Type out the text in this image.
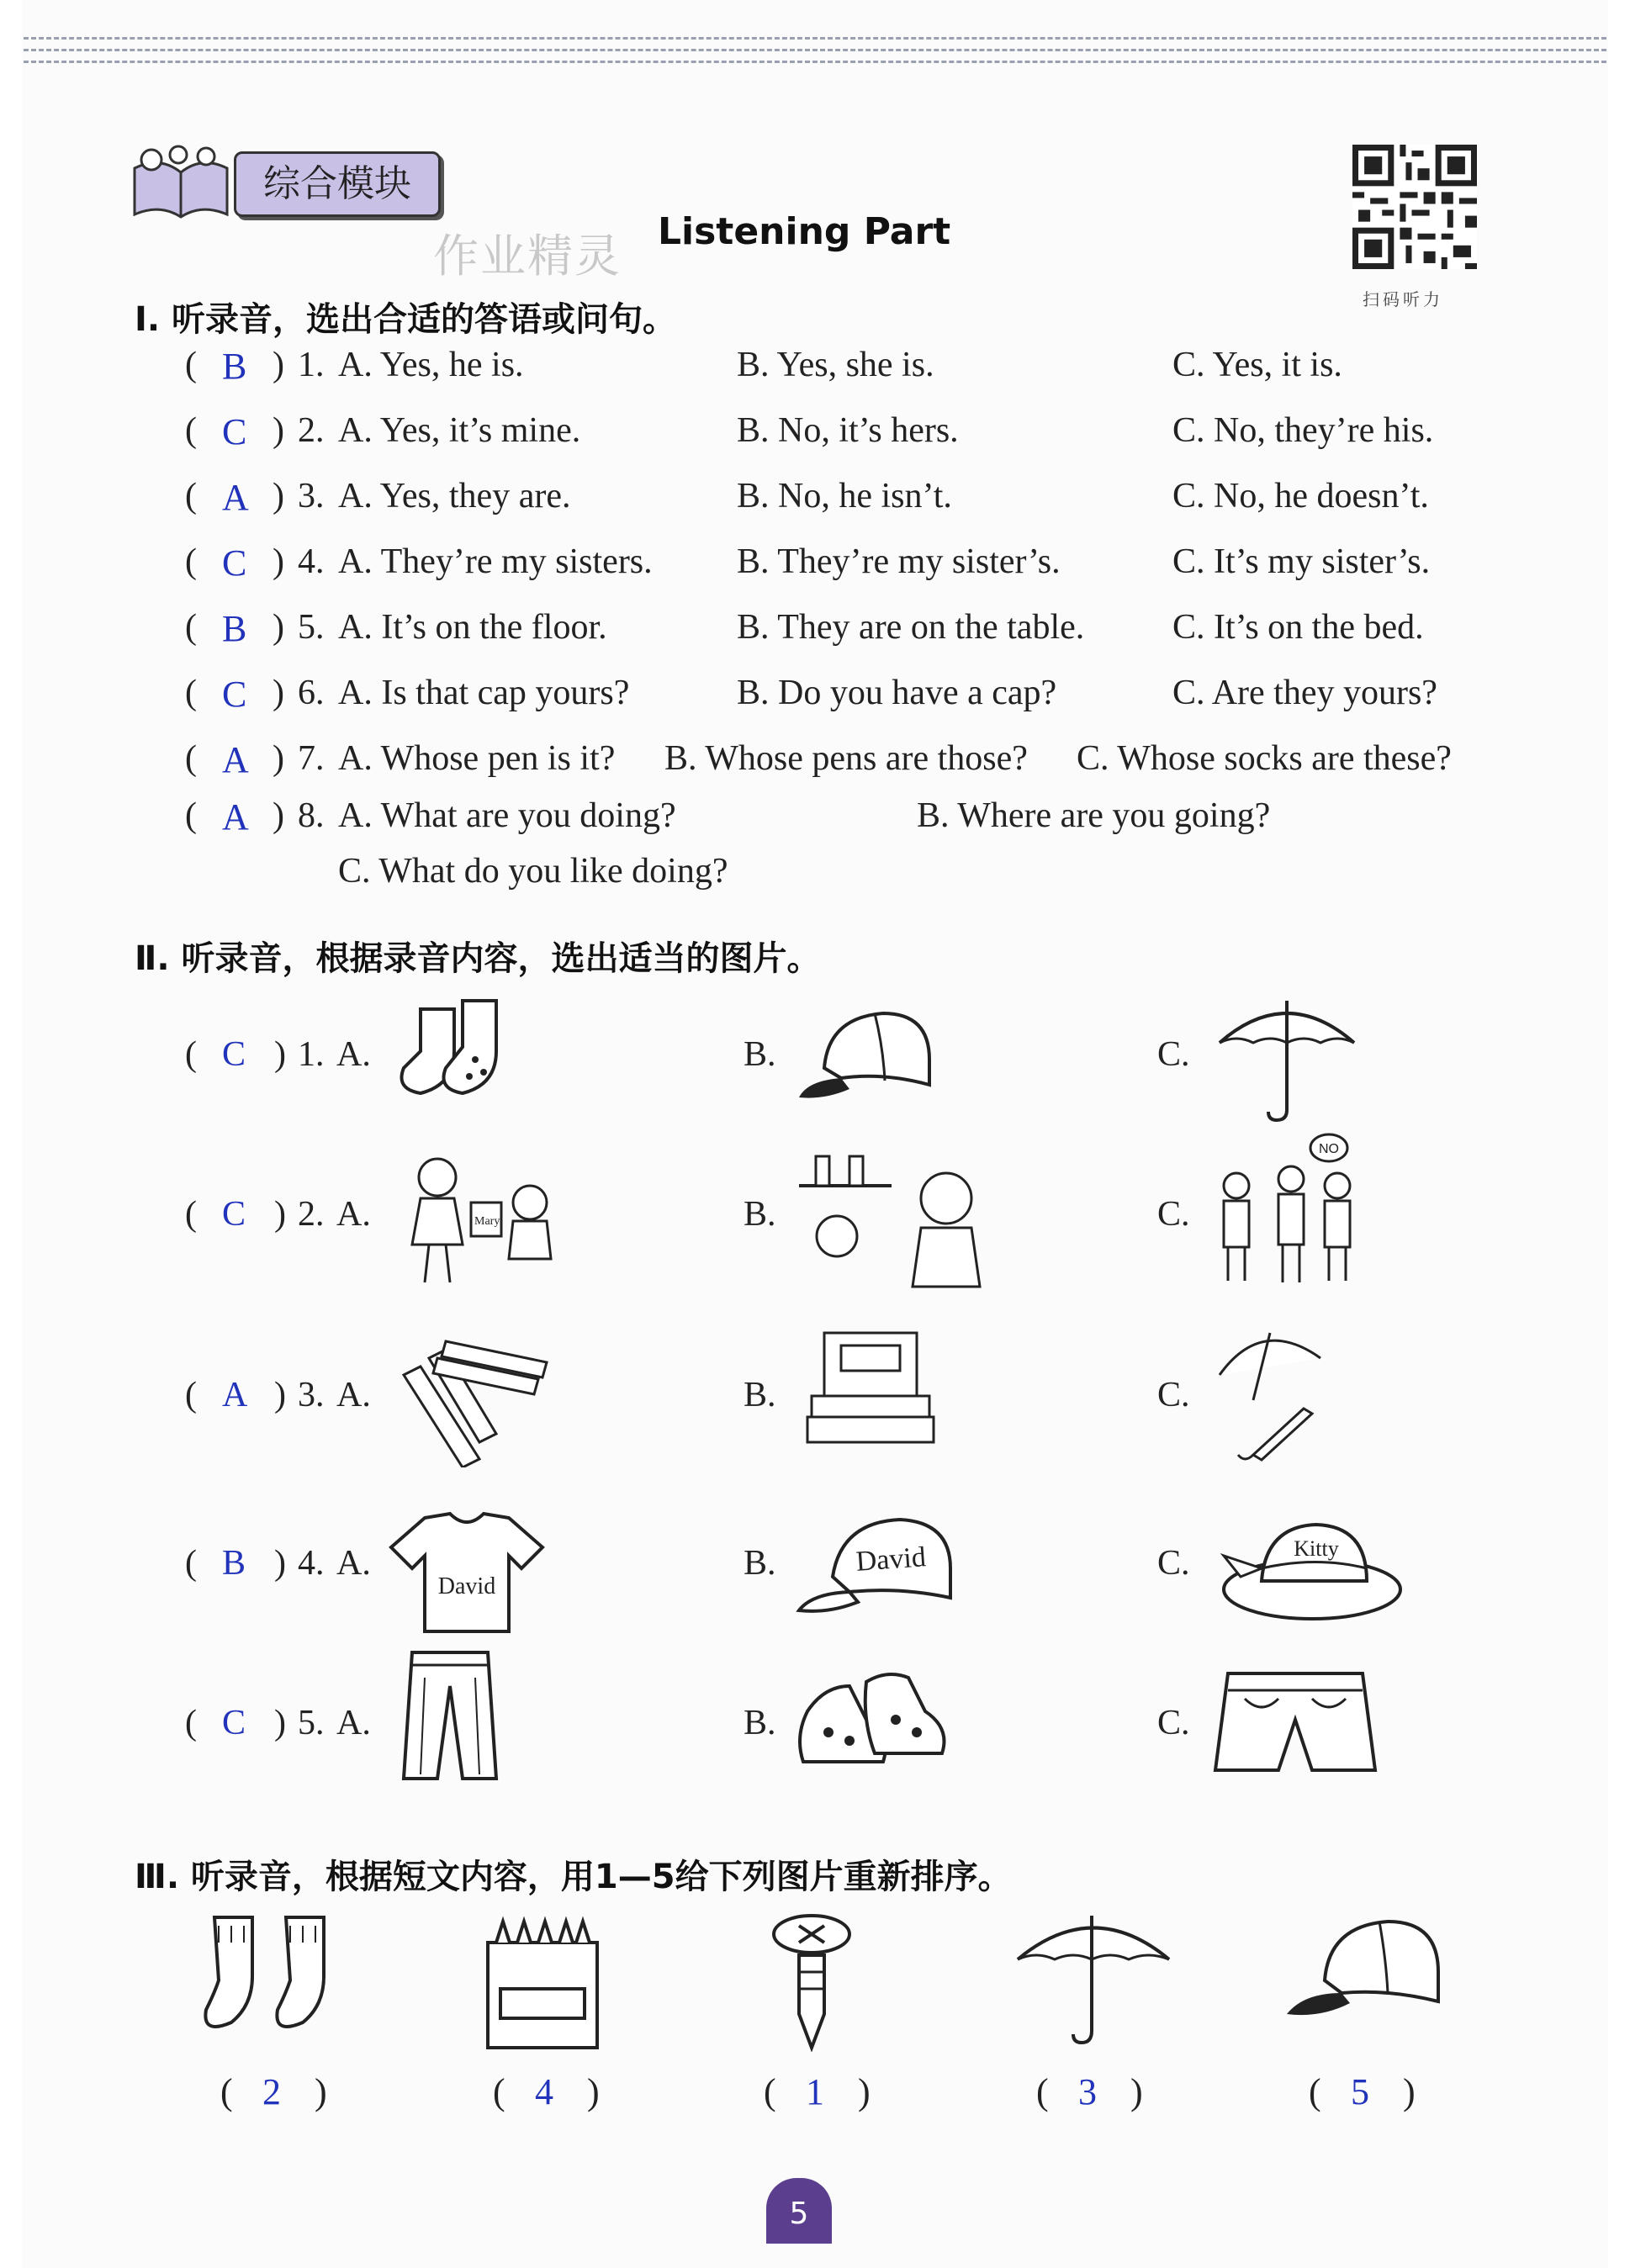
综合模块
作业精灵 Listening Part
扫码听力
Ⅰ. 听录音，选出合适的答语或问句。
( B ) 1. A. Yes, he is.	B. Yes, she is.	C. Yes, it is.
( C ) 2. A. Yes, it’s mine.	B. No, it’s hers.	C. No, they’re his.
( A ) 3. A. Yes, they are.	B. No, he isn’t.	C. No, he doesn’t.
( C ) 4. A. They’re my sisters. B. They’re my sister’s.	C. It’s my sister’s.
( B ) 5. A. It’s on the floor.	B. They are on the table. C. It’s on the bed.
( C ) 6. A. Is that cap yours?	B. Do you have a cap?	C. Are they yours?
( A ) 7. A. Whose pen is it? B. Whose pens are those? C. Whose socks are these?
( A ) 8. A. What are you doing?	B. Where are you going?
C. What do you like doing?
Ⅱ. 听录音，根据录音内容，选出适当的图片。
( C ) 1. A.	B.	C.
( C ) 2. A.	B.	C.
Mary
NO
( A ) 3. A.	B.	C.
( B ) 4. A.	B.	C.
David
David	Kitty
( C ) 5. A.	B.	C.
Ⅲ. 听录音，根据短文内容，用1—5给下列图片重新排序。
( 2 )	( 4 )	( 1 )	( 3 )	( 5 )
5
